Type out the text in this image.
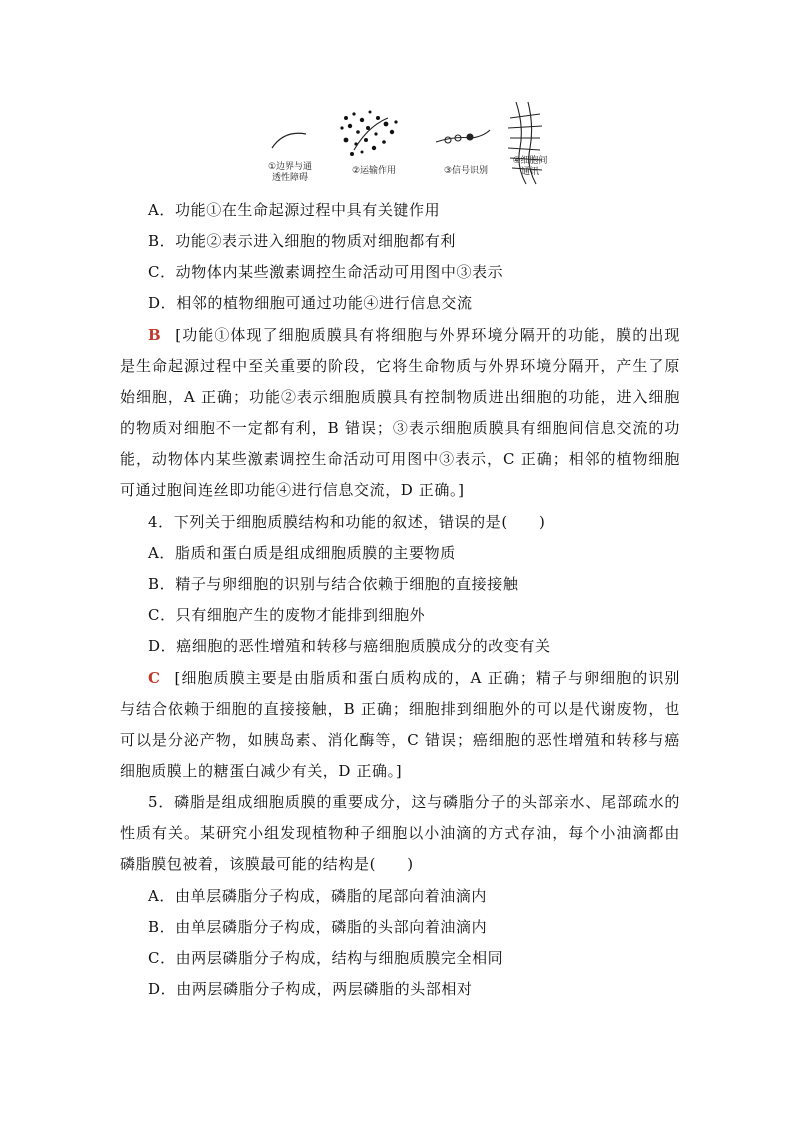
①边界与通
透性障碍
②运输作用	③信号识别
④细胞间
通讯
A．功能①在生命起源过程中具有关键作用
B．功能②表示进入细胞的物质对细胞都有利
C．动物体内某些激素调控生命活动可用图中③表示
D．相邻的植物细胞可通过功能④进行信息交流
B [功能①体现了细胞质膜具有将细胞与外界环境分隔开的功能，膜的出现是生命起源过程中至关重要的阶段，它将生命物质与外界环境分隔开，产生了原始细胞，A 正确；功能②表示细胞质膜具有控制物质进出细胞的功能，进入细胞的物质对细胞不一定都有利，B 错误；③表示细胞质膜具有细胞间信息交流的功能，动物体内某些激素调控生命活动可用图中③表示，C 正确；相邻的植物细胞可通过胞间连丝即功能④进行信息交流，D 正确。]
4．下列关于细胞质膜结构和功能的叙述，错误的是(　　)
A．脂质和蛋白质是组成细胞质膜的主要物质
B．精子与卵细胞的识别与结合依赖于细胞的直接接触
C．只有细胞产生的废物才能排到细胞外
D．癌细胞的恶性增殖和转移与癌细胞质膜成分的改变有关
C [细胞质膜主要是由脂质和蛋白质构成的，A 正确；精子与卵细胞的识别与结合依赖于细胞的直接接触，B 正确；细胞排到细胞外的可以是代谢废物，也可以是分泌产物，如胰岛素、消化酶等，C 错误；癌细胞的恶性增殖和转移与癌细胞质膜上的糖蛋白减少有关，D 正确。]
5．磷脂是组成细胞质膜的重要成分，这与磷脂分子的头部亲水、尾部疏水的性质有关。某研究小组发现植物种子细胞以小油滴的方式存油，每个小油滴都由磷脂膜包被着，该膜最可能的结构是(　　)
A．由单层磷脂分子构成，磷脂的尾部向着油滴内
B．由单层磷脂分子构成，磷脂的头部向着油滴内
C．由两层磷脂分子构成，结构与细胞质膜完全相同
D．由两层磷脂分子构成，两层磷脂的头部相对
